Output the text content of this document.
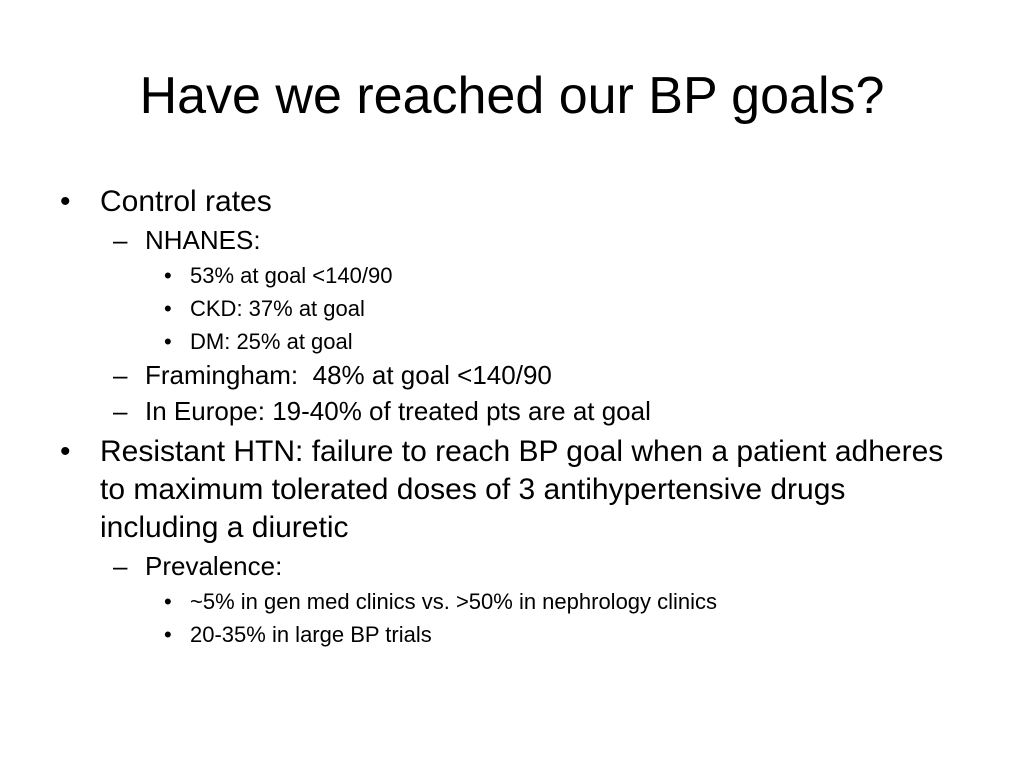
Have we reached our BP goals?
• Control rates
– NHANES:
• 53% at goal <140/90
• CKD: 37% at goal
• DM: 25% at goal
– Framingham:  48% at goal <140/90
– In Europe: 19-40% of treated pts are at goal
• Resistant HTN: failure to reach BP goal when a patient adheres to maximum tolerated doses of 3 antihypertensive drugs including a diuretic
– Prevalence:
• ~5% in gen med clinics vs. >50% in nephrology clinics
• 20-35% in large BP trials
